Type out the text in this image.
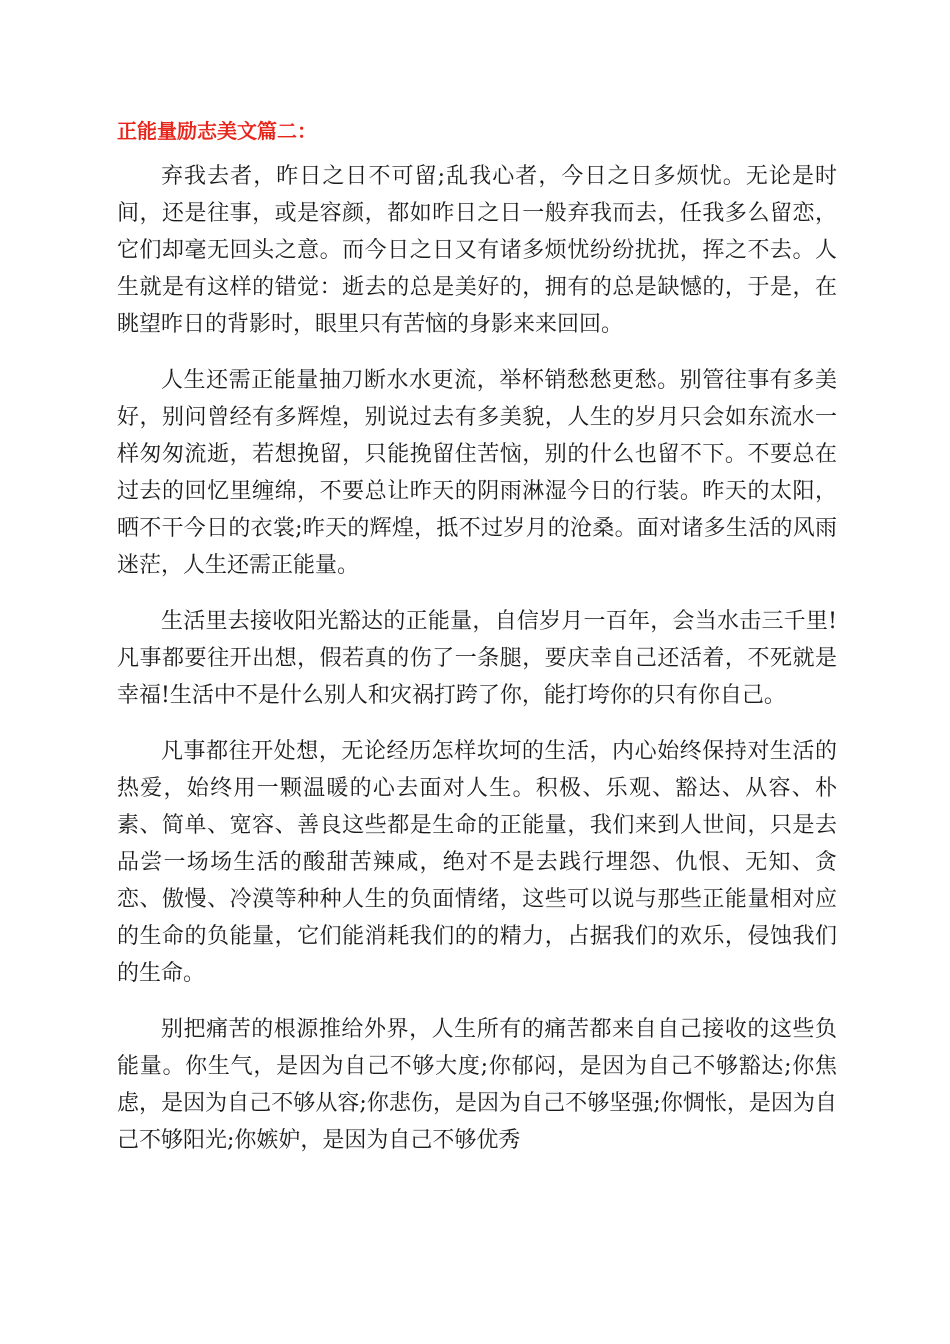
正能量励志美文篇二：

弃我去者，昨日之日不可留;乱我心者，今日之日多烦忧。无论是时间，还是往事，或是容颜，都如昨日之日一般弃我而去，任我多么留恋，它们却毫无回头之意。而今日之日又有诸多烦忧纷纷扰扰，挥之不去。人生就是有这样的错觉：逝去的总是美好的，拥有的总是缺憾的，于是，在眺望昨日的背影时，眼里只有苦恼的身影来来回回。

人生还需正能量抽刀断水水更流，举杯销愁愁更愁。别管往事有多美好，别问曾经有多辉煌，别说过去有多美貌，人生的岁月只会如东流水一样匆匆流逝，若想挽留，只能挽留住苦恼，别的什么也留不下。不要总在过去的回忆里缠绵，不要总让昨天的阴雨淋湿今日的行装。昨天的太阳，晒不干今日的衣裳;昨天的辉煌，抵不过岁月的沧桑。面对诸多生活的风雨迷茫，人生还需正能量。

生活里去接收阳光豁达的正能量，自信岁月一百年，会当水击三千里!凡事都要往开出想，假若真的伤了一条腿，要庆幸自己还活着，不死就是幸福!生活中不是什么别人和灾祸打跨了你，能打垮你的只有你自己。

凡事都往开处想，无论经历怎样坎坷的生活，内心始终保持对生活的热爱，始终用一颗温暖的心去面对人生。积极、乐观、豁达、从容、朴素、简单、宽容、善良这些都是生命的正能量，我们来到人世间，只是去品尝一场场生活的酸甜苦辣咸，绝对不是去践行埋怨、仇恨、无知、贪恋、傲慢、冷漠等种种人生的负面情绪，这些可以说与那些正能量相对应的生命的负能量，它们能消耗我们的的精力，占据我们的欢乐，侵蚀我们的生命。

别把痛苦的根源推给外界，人生所有的痛苦都来自自己接收的这些负能量。你生气，是因为自己不够大度;你郁闷，是因为自己不够豁达;你焦虑，是因为自己不够从容;你悲伤，是因为自己不够坚强;你惆怅，是因为自己不够阳光;你嫉妒，是因为自己不够优秀
